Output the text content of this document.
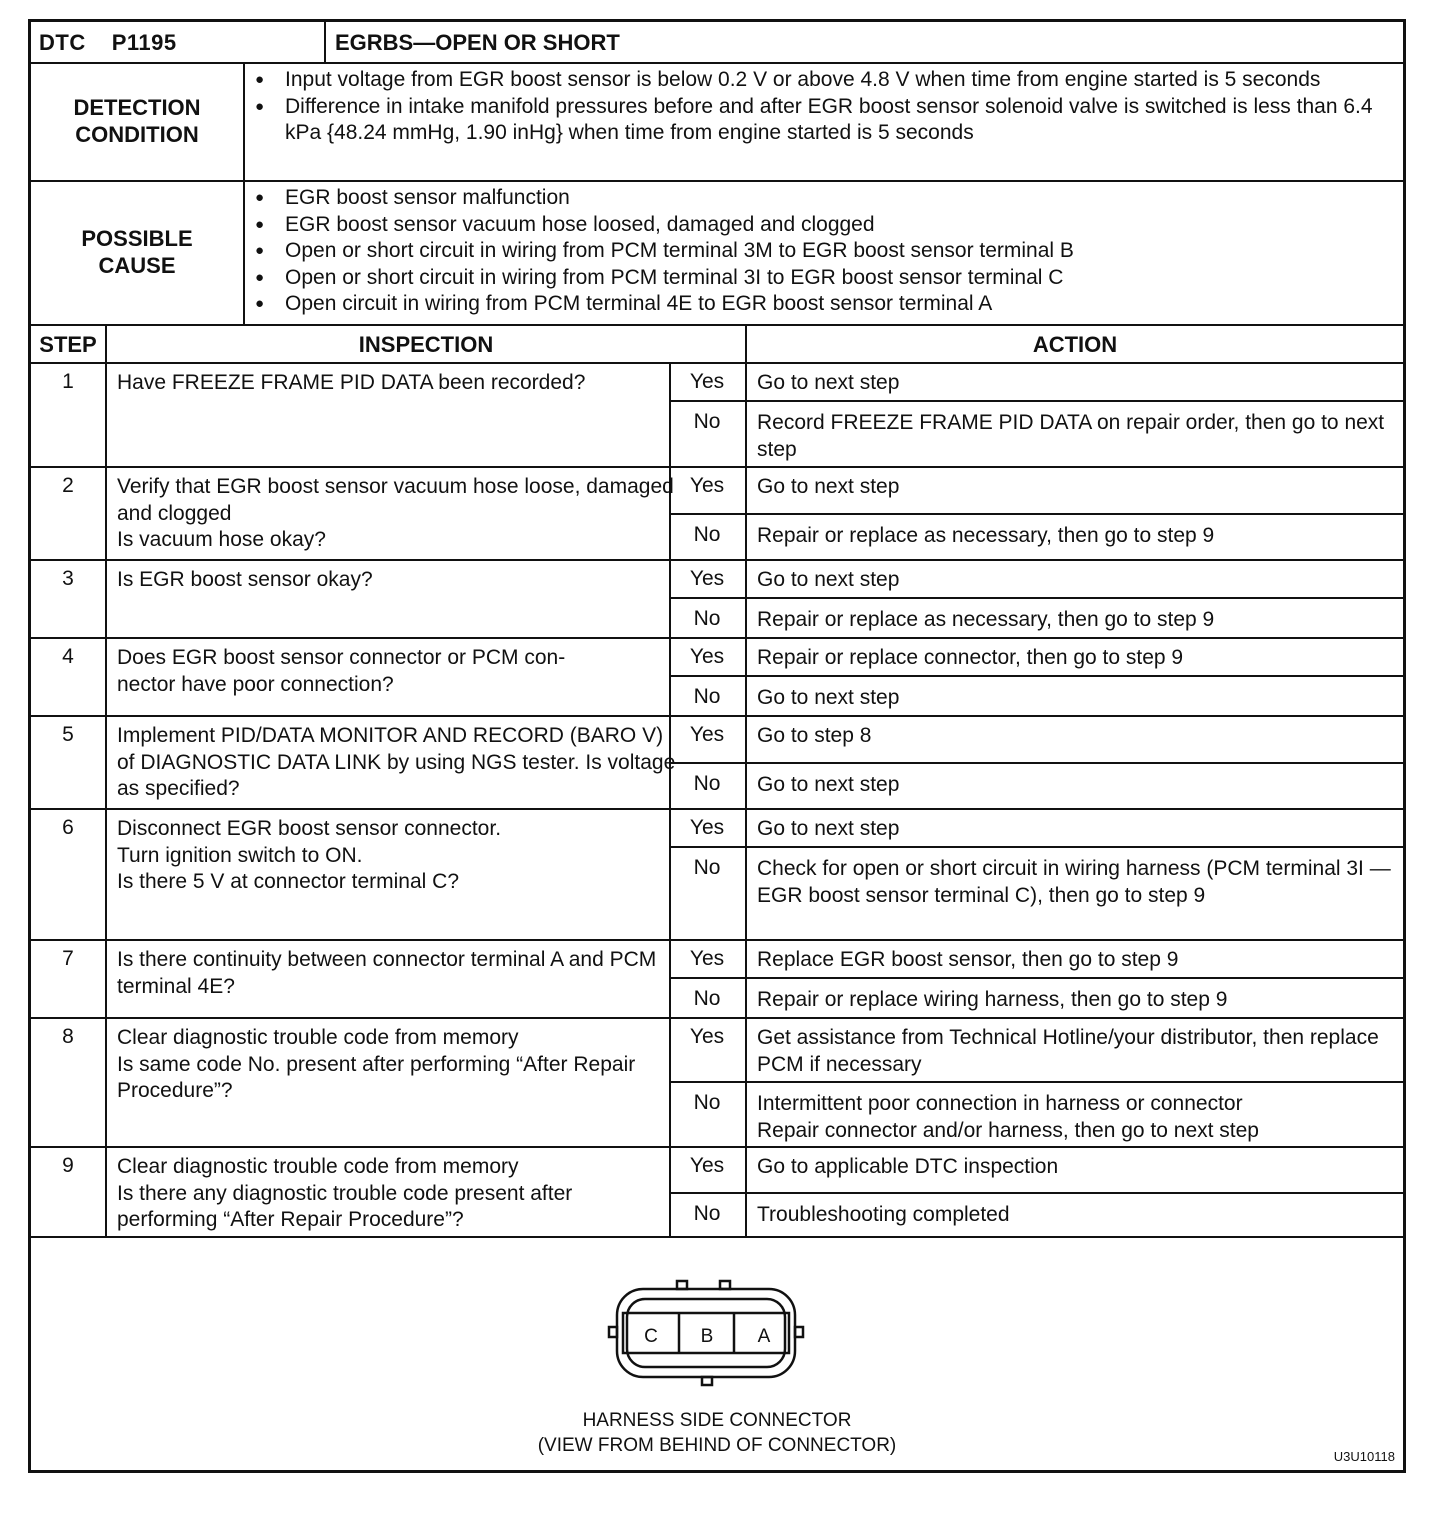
DTC P1195	EGRBS—OPEN OR SHORT
DETECTION
CONDITION
● Input voltage from EGR boost sensor is below 0.2 V or above 4.8 V when time from engine started is 5 seconds
● Difference in intake manifold pressures before and after EGR boost sensor solenoid valve is switched is less than 6.4 kPa {48.24 mmHg, 1.90 inHg} when time from engine started is 5 seconds
POSSIBLE
CAUSE
● EGR boost sensor malfunction
● EGR boost sensor vacuum hose loosed, damaged and clogged
● Open or short circuit in wiring from PCM terminal 3M to EGR boost sensor terminal B
● Open or short circuit in wiring from PCM terminal 3I to EGR boost sensor terminal C
● Open circuit in wiring from PCM terminal 4E to EGR boost sensor terminal A
STEP	INSPECTION	ACTION
1	Have FREEZE FRAME PID DATA been recorded?	Yes	Go to next step
No	Record FREEZE FRAME PID DATA on repair order, then go to next step
2	Verify that EGR boost sensor vacuum hose loose, damaged and clogged
Is vacuum hose okay?
Yes	Go to next step
No	Repair or replace as necessary, then go to step 9
3	Is EGR boost sensor okay?	Yes	Go to next step
No	Repair or replace as necessary, then go to step 9
4	Does EGR boost sensor connector or PCM con-
nector have poor connection?
Yes	Repair or replace connector, then go to step 9
No	Go to next step
5	Implement PID/DATA MONITOR AND RECORD (BARO V) of DIAGNOSTIC DATA LINK by using NGS tester. Is voltage as specified?
Yes	Go to step 8
No	Go to next step
6	Disconnect EGR boost sensor connector.
Turn ignition switch to ON.
Is there 5 V at connector terminal C?
Yes	Go to next step
No	Check for open or short circuit in wiring harness (PCM terminal 3I — EGR boost sensor terminal C), then go to step 9
7	Is there continuity between connector terminal A and PCM terminal 4E?
Yes	Replace EGR boost sensor, then go to step 9
No	Repair or replace wiring harness, then go to step 9
8	Clear diagnostic trouble code from memory
Is same code No. present after performing “After Repair Procedure”?
Yes	Get assistance from Technical Hotline/your distributor, then replace PCM if necessary
No	Intermittent poor connection in harness or connector
Repair connector and/or harness, then go to next step
9	Clear diagnostic trouble code from memory
Is there any diagnostic trouble code present after performing “After Repair Procedure”?
Yes	Go to applicable DTC inspection
No	Troubleshooting completed
C B A
HARNESS SIDE CONNECTOR
(VIEW FROM BEHIND OF CONNECTOR)
U3U10118
